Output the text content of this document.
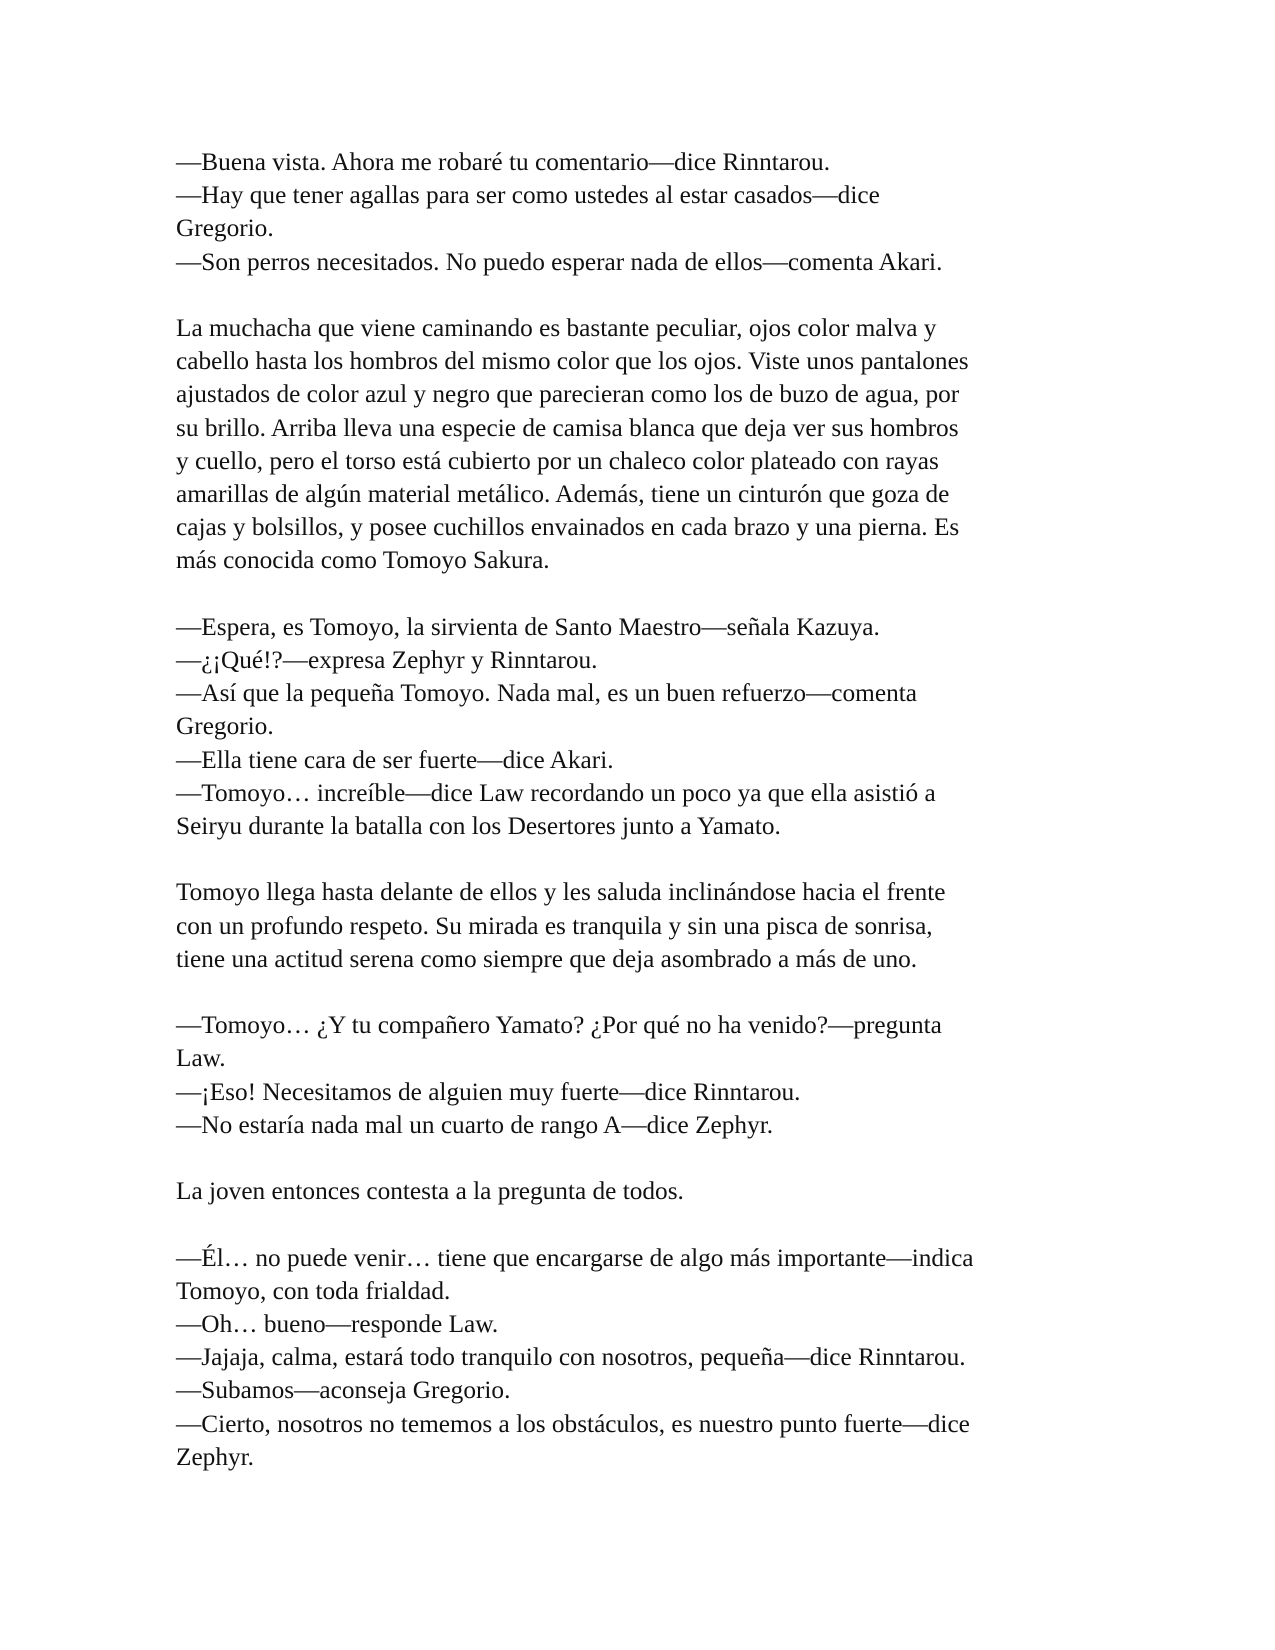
—Buena vista. Ahora me robaré tu comentario—dice Rinntarou.
—Hay que tener agallas para ser como ustedes al estar casados—dice
Gregorio.
—Son perros necesitados. No puedo esperar nada de ellos—comenta Akari.
La muchacha que viene caminando es bastante peculiar, ojos color malva y
cabello hasta los hombros del mismo color que los ojos. Viste unos pantalones
ajustados de color azul y negro que parecieran como los de buzo de agua, por
su brillo. Arriba lleva una especie de camisa blanca que deja ver sus hombros
y cuello, pero el torso está cubierto por un chaleco color plateado con rayas
amarillas de algún material metálico. Además, tiene un cinturón que goza de
cajas y bolsillos, y posee cuchillos envainados en cada brazo y una pierna. Es
más conocida como Tomoyo Sakura.
—Espera, es Tomoyo, la sirvienta de Santo Maestro—señala Kazuya.
—¿¡Qué!?—expresa Zephyr y Rinntarou.
—Así que la pequeña Tomoyo. Nada mal, es un buen refuerzo—comenta
Gregorio.
—Ella tiene cara de ser fuerte—dice Akari.
—Tomoyo… increíble—dice Law recordando un poco ya que ella asistió a
Seiryu durante la batalla con los Desertores junto a Yamato.
Tomoyo llega hasta delante de ellos y les saluda inclinándose hacia el frente
con un profundo respeto. Su mirada es tranquila y sin una pisca de sonrisa,
tiene una actitud serena como siempre que deja asombrado a más de uno.
—Tomoyo… ¿Y tu compañero Yamato? ¿Por qué no ha venido?—pregunta
Law.
—¡Eso! Necesitamos de alguien muy fuerte—dice Rinntarou.
—No estaría nada mal un cuarto de rango A—dice Zephyr.
La joven entonces contesta a la pregunta de todos.
—Él… no puede venir… tiene que encargarse de algo más importante—indica
Tomoyo, con toda frialdad.
—Oh… bueno—responde Law.
—Jajaja, calma, estará todo tranquilo con nosotros, pequeña—dice Rinntarou.
—Subamos—aconseja Gregorio.
—Cierto, nosotros no tememos a los obstáculos, es nuestro punto fuerte—dice
Zephyr.
